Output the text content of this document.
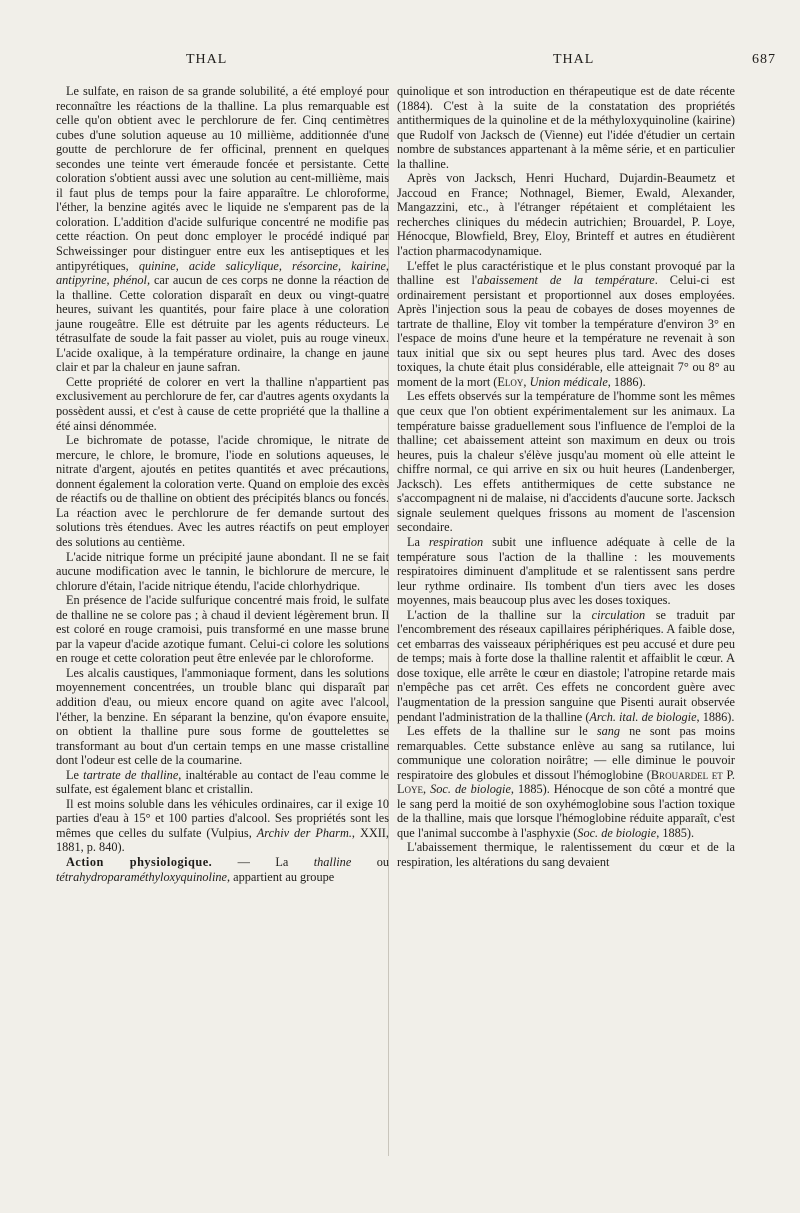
THAL	THAL	687

Le sulfate, en raison de sa grande solubilité, a été employé pour reconnaître les réactions de la thalline. La plus remarquable est celle qu'on obtient avec le perchlorure de fer. Cinq centimètres cubes d'une solution aqueuse au 10 millième, additionnée d'une goutte de perchlorure de fer officinal, prennent en quelques secondes une teinte vert émeraude foncée et persistante. Cette coloration s'obtient aussi avec une solution au cent-millième, mais il faut plus de temps pour la faire apparaître. Le chloroforme, l'éther, la benzine agités avec le liquide ne s'emparent pas de la coloration. L'addition d'acide sulfurique concentré ne modifie pas cette réaction. On peut donc employer le procédé indiqué par Schweissinger pour distinguer entre eux les antiseptiques et les antipyrétiques, quinine, acide salicylique, résorcine, kairine, antipyrine, phénol, car aucun de ces corps ne donne la réaction de la thalline. Cette coloration disparaît en deux ou vingt-quatre heures, suivant les quantités, pour faire place à une coloration jaune rougeâtre. Elle est détruite par les agents réducteurs. Le tétrasulfate de soude la fait passer au violet, puis au rouge vineux. L'acide oxalique, à la température ordinaire, la change en jaune clair et par la chaleur en jaune safran.

Cette propriété de colorer en vert la thalline n'appartient pas exclusivement au perchlorure de fer, car d'autres agents oxydants la possèdent aussi, et c'est à cause de cette propriété que la thalline a été ainsi dénommée.

Le bichromate de potasse, l'acide chromique, le nitrate de mercure, le chlore, le bromure, l'iode en solutions aqueuses, le nitrate d'argent, ajoutés en petites quantités et avec précautions, donnent également la coloration verte. Quand on emploie des excès de réactifs ou de thalline on obtient des précipités blancs ou foncés. La réaction avec le perchlorure de fer demande surtout des solutions très étendues. Avec les autres réactifs on peut employer des solutions au centième.

L'acide nitrique forme un précipité jaune abondant. Il ne se fait aucune modification avec le tannin, le bichlorure de mercure, le chlorure d'étain, l'acide nitrique étendu, l'acide chlorhydrique.

En présence de l'acide sulfurique concentré mais froid, le sulfate de thalline ne se colore pas ; à chaud il devient légèrement brun. Il est coloré en rouge cramoisi, puis transformé en une masse brune par la vapeur d'acide azotique fumant. Celui-ci colore les solutions en rouge et cette coloration peut être enlevée par le chloroforme.

Les alcalis caustiques, l'ammoniaque forment, dans les solutions moyennement concentrées, un trouble blanc qui disparaît par addition d'eau, ou mieux encore quand on agite avec l'alcool, l'éther, la benzine. En séparant la benzine, qu'on évapore ensuite, on obtient la thalline pure sous forme de gouttelettes se transformant au bout d'un certain temps en une masse cristalline dont l'odeur est celle de la coumarine.

Le tartrate de thalline, inaltérable au contact de l'eau comme le sulfate, est également blanc et cristallin.

Il est moins soluble dans les véhicules ordinaires, car il exige 10 parties d'eau à 15° et 100 parties d'alcool. Ses propriétés sont les mêmes que celles du sulfate (Vulpius, Archiv der Pharm., XXII, 1881, p. 840).

Action physiologique. — La thalline ou tétrahydroparaméthyloxyquinoline, appartient au groupe

quinolique et son introduction en thérapeutique est de date récente (1884). C'est à la suite de la constatation des propriétés antithermiques de la quinoline et de la méthyloxyquinoline (kairine) que Rudolf von Jacksch de (Vienne) eut l'idée d'étudier un certain nombre de substances appartenant à la même série, et en particulier la thalline.

Après von Jacksch, Henri Huchard, Dujardin-Beaumetz et Jaccoud en France; Nothnagel, Biemer, Ewald, Alexander, Mangazzini, etc., à l'étranger répétaient et complétaient les recherches cliniques du médecin autrichien; Brouardel, P. Loye, Hénocque, Blowfield, Brey, Eloy, Brinteff et autres en étudièrent l'action pharmacodynamique.

L'effet le plus caractéristique et le plus constant provoqué par la thalline est l'abaissement de la température. Celui-ci est ordinairement persistant et proportionnel aux doses employées. Après l'injection sous la peau de cobayes de doses moyennes de tartrate de thalline, Eloy vit tomber la température d'environ 3° en l'espace de moins d'une heure et la température ne revenait à son taux initial que six ou sept heures plus tard. Avec des doses toxiques, la chute était plus considérable, elle atteignait 7° ou 8° au moment de la mort (Eloy, Union médicale, 1886).

Les effets observés sur la température de l'homme sont les mêmes que ceux que l'on obtient expérimentalement sur les animaux. La température baisse graduellement sous l'influence de l'emploi de la thalline; cet abaissement atteint son maximum en deux ou trois heures, puis la chaleur s'élève jusqu'au moment où elle atteint le chiffre normal, ce qui arrive en six ou huit heures (Landenberger, Jacksch). Les effets antithermiques de cette substance ne s'accompagnent ni de malaise, ni d'accidents d'aucune sorte. Jacksch signale seulement quelques frissons au moment de l'ascension secondaire.

La respiration subit une influence adéquate à celle de la température sous l'action de la thalline : les mouvements respiratoires diminuent d'amplitude et se ralentissent sans perdre leur rythme ordinaire. Ils tombent d'un tiers avec les doses moyennes, mais beaucoup plus avec les doses toxiques.

L'action de la thalline sur la circulation se traduit par l'encombrement des réseaux capillaires périphériques. A faible dose, cet embarras des vaisseaux périphériques est peu accusé et dure peu de temps; mais à forte dose la thalline ralentit et affaiblit le cœur. A dose toxique, elle arrête le cœur en diastole; l'atropine retarde mais n'empêche pas cet arrêt. Ces effets ne concordent guère avec l'augmentation de la pression sanguine que Pisenti aurait observée pendant l'administration de la thalline (Arch. ital. de biologie, 1886).

Les effets de la thalline sur le sang ne sont pas moins remarquables. Cette substance enlève au sang sa rutilance, lui communique une coloration noirâtre; — elle diminue le pouvoir respiratoire des globules et dissout l'hémoglobine (Brouardel et P. Loye, Soc. de biologie, 1885). Hénocque de son côté a montré que le sang perd la moitié de son oxyhémoglobine sous l'action toxique de la thalline, mais que lorsque l'hémoglobine réduite apparaît, c'est que l'animal succombe à l'asphyxie (Soc. de biologie, 1885).

L'abaissement thermique, le ralentissement du cœur et de la respiration, les altérations du sang devaient
